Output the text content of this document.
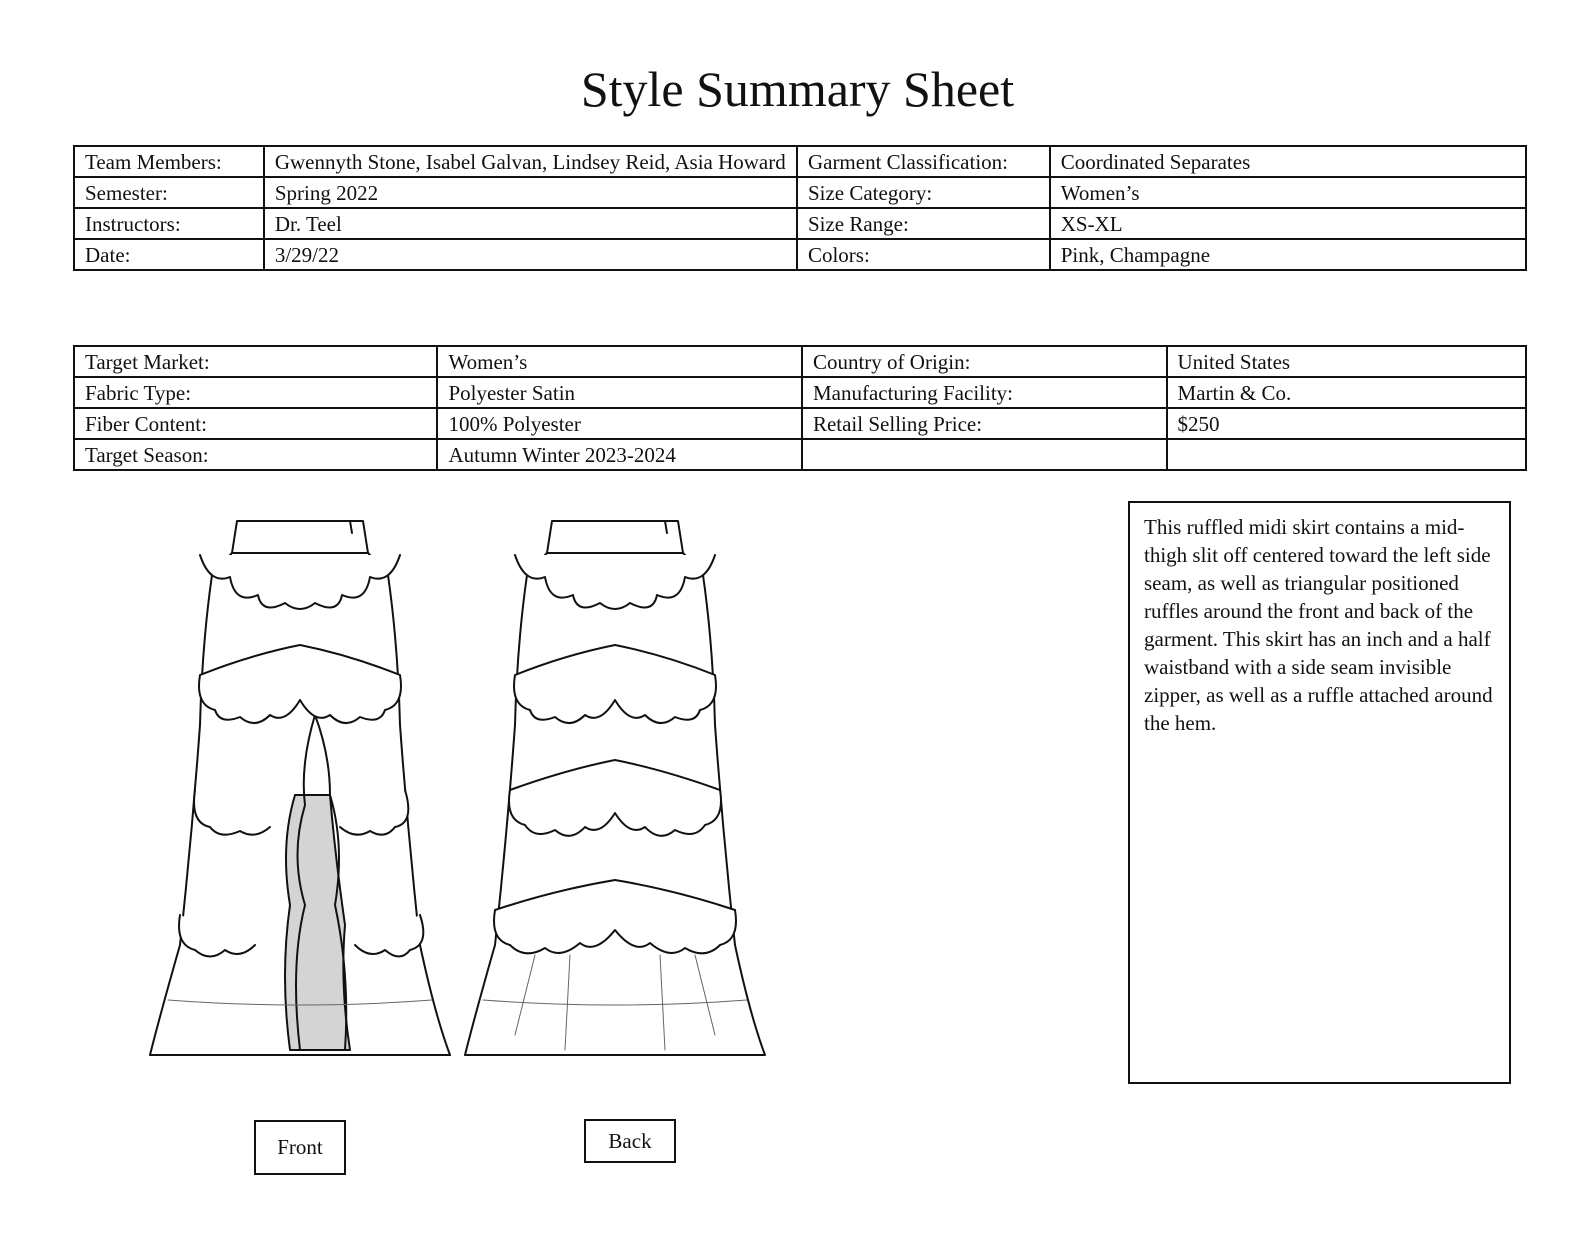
Style Summary Sheet
Team Members:	Gwennyth Stone, Isabel Galvan, Lindsey Reid, Asia Howard	Garment Classification:	Coordinated Separates
Semester:	Spring 2022	Size Category:	Women’s
Instructors:	Dr. Teel	Size Range:	XS-XL
Date:	3/29/22	Colors:	Pink, Champagne
Target Market:	Women’s	Country of Origin:	United States
Fabric Type:	Polyester Satin	Manufacturing Facility:	Martin & Co.
Fiber Content:	100% Polyester	Retail Selling Price:	$250
Target Season:	Autumn Winter 2023-2024		
This ruffled midi skirt contains a mid-thigh slit off centered toward the left side seam, as well as triangular positioned ruffles around the front and back of the garment. This skirt has an inch and a half waistband with a side seam invisible zipper, as well as a ruffle attached around the hem.
Front	Back
